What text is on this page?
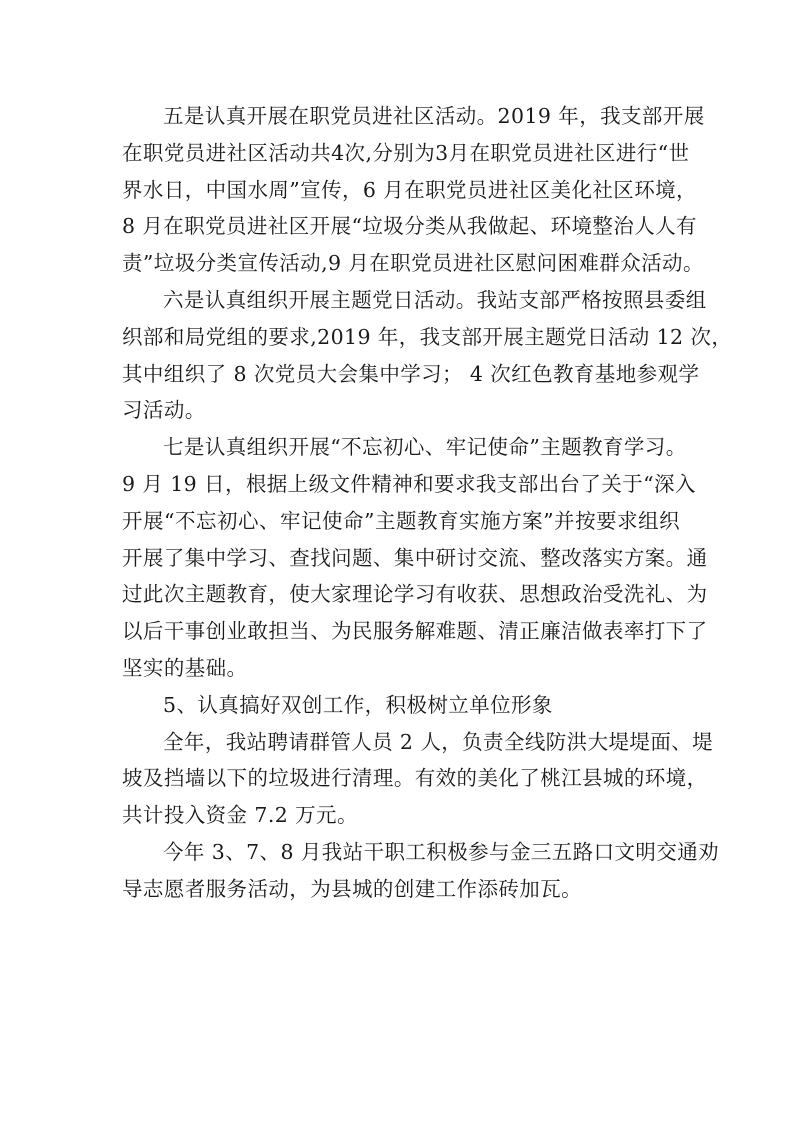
五是认真开展在职党员进社区活动。2019 年，我支部开展
在职党员进社区活动共4次,分别为3月在职党员进社区进行“世
界水日，中国水周”宣传，6 月在职党员进社区美化社区环境，
8 月在职党员进社区开展“垃圾分类从我做起、环境整治人人有
责”垃圾分类宣传活动,9 月在职党员进社区慰问困难群众活动。
六是认真组织开展主题党日活动。我站支部严格按照县委组
织部和局党组的要求,2019 年，我支部开展主题党日活动 12 次，
其中组织了 8 次党员大会集中学习； 4 次红色教育基地参观学
习活动。
七是认真组织开展“不忘初心、牢记使命”主题教育学习。
9 月 19 日，根据上级文件精神和要求我支部出台了关于“深入
开展“不忘初心、牢记使命”主题教育实施方案”并按要求组织
开展了集中学习、查找问题、集中研讨交流、整改落实方案。通
过此次主题教育，使大家理论学习有收获、思想政治受洗礼、为
以后干事创业敢担当、为民服务解难题、清正廉洁做表率打下了
坚实的基础。
5、认真搞好双创工作，积极树立单位形象
全年，我站聘请群管人员 2 人，负责全线防洪大堤堤面、堤
坡及挡墙以下的垃圾进行清理。有效的美化了桃江县城的环境，
共计投入资金 7.2 万元。
今年 3、7、8 月我站干职工积极参与金三五路口文明交通劝
导志愿者服务活动，为县城的创建工作添砖加瓦。
